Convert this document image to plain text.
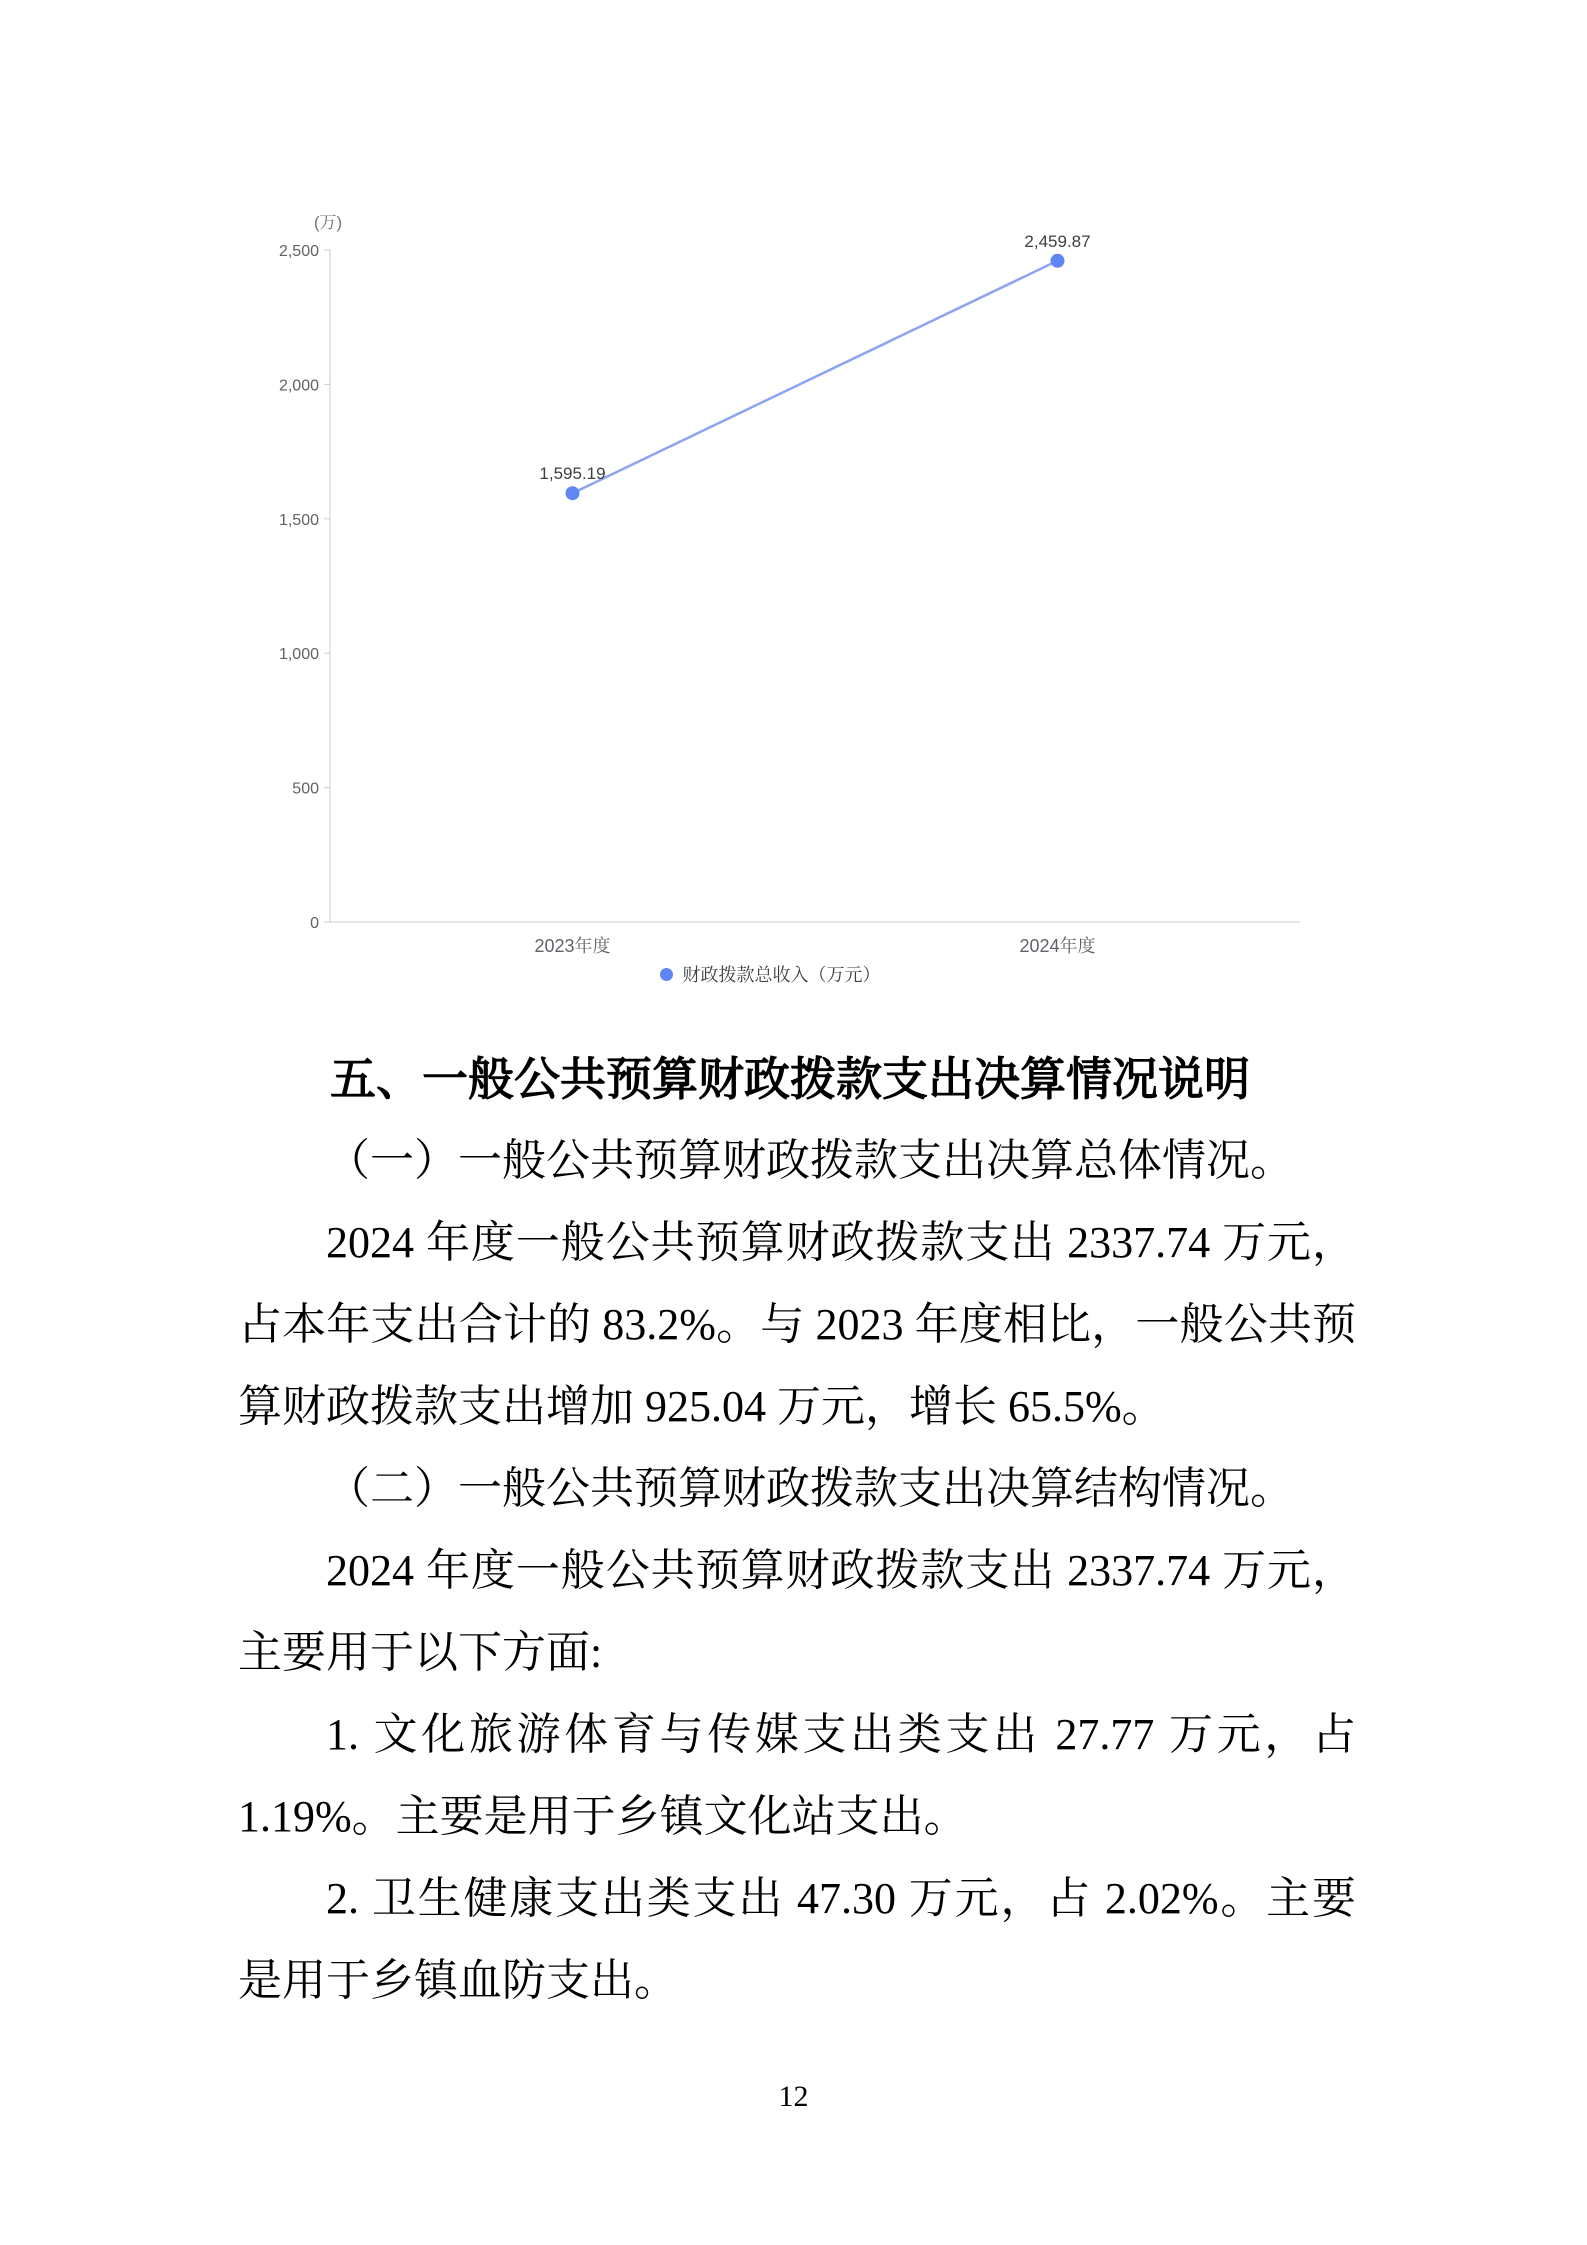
0
500
1,000
1,500
2,000
2,500
(万)
2023年度	2024年度
1,595.19
2,459.87
财政拨款总收入（万元）
五、一般公共预算财政拨款支出决算情况说明
（一）一般公共预算财政拨款支出决算总体情况。
2024 年度一般公共预算财政拨款支出 2337.74 万元，占本年支出合计的 83.2%。与 2023 年度相比，一般公共预算财政拨款支出增加 925.04 万元，增长 65.5%。
（二）一般公共预算财政拨款支出决算结构情况。
2024 年度一般公共预算财政拨款支出 2337.74 万元，主要用于以下方面:
1. 文化旅游体育与传媒支出类支出 27.77 万元，占 1.19%。主要是用于乡镇文化站支出。
2. 卫生健康支出类支出 47.30 万元，占 2.02%。主要是用于乡镇血防支出。
12
